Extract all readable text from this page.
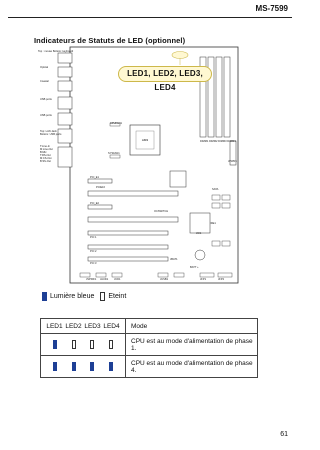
MS-7599
Indicateurs de Statuts de LED (optionnel)
AM3
Top : mouse Bottom: keyboard
Optical
Coaxial
USB ports
USB ports
Top: LAN Jack
Bottom: USB ports
T:Line-In
M:Line-Out
B:Mic
T:RS-Out
M:CS-Out
B:SS-Out
CPUFAN1
SYSFAN1
PCI_E1
PCIE16
PCI_E2
OCSWITCH
PCI 1
PCI 2
PCI 3
JSPDIF1 JAUD1 JCD1	JUSB1	JFP1	JFP2
JBAT1
JCI1
DIMM1 DIMM2 DIMM3 DIMM4
JPWR1
SATA
BATT +
IDE1
LED1, LED2, LED3, LED4
Lumière bleue Eteint
LED1 LED2 LED3 LED4	Mode

	CPU est au mode d'alimentation de phase 1.

	CPU est au mode d'alimentation de phase 4.
61
